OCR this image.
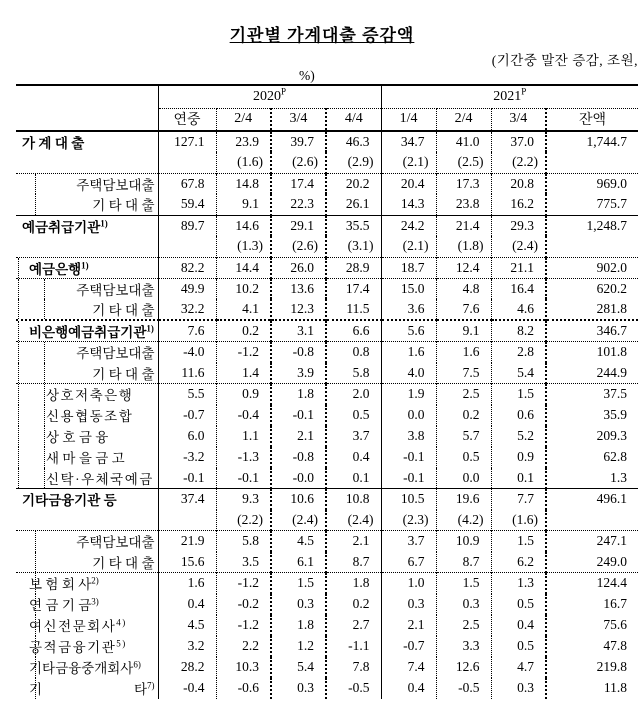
기관별 가계대출 증감액
(기간중 말잔 증감, 조원,
%)
	$2020^P$				$2021^P$
	연중	2/4	3/4	4/4	1/4	2/4	3/4	잔액

가 계 대 출	127.1	23.9	39.7	46.3	34.7	41.0	37.0	1,744.7
		(1.6)	(2.6)	(2.9)	(2.1)	(2.5)	(2.2)	

주택담보대출	67.8	14.8	17.4	20.2	20.4	17.3	20.8	969.0

기 타 대 출	59.4	9.1	22.3	26.1	14.3	23.8	16.2	775.7

예금취급기관$^{1)}$	89.7	14.6	29.1	35.5	24.2	21.4	29.3	1,248.7
		(1.3)	(2.6)	(3.1)	(2.1)	(1.8)	(2.4)	

예금은행$^{1)}$	82.2	14.4	26.0	28.9	18.7	12.4	21.1	902.0

주택담보대출	49.9	10.2	13.6	17.4	15.0	4.8	16.4	620.2

기 타 대 출	32.2	4.1	12.3	11.5	3.6	7.6	4.6	281.8

비은행예금취급기관$^{1)}$	7.6	0.2	3.1	6.6	5.6	9.1	8.2	346.7

주택담보대출	-4.0	-1.2	-0.8	0.8	1.6	1.6	2.8	101.8

기 타 대 출	11.6	1.4	3.9	5.8	4.0	7.5	5.4	244.9

상호저축은행	5.5	0.9	1.8	2.0	1.9	2.5	1.5	37.5

신용협동조합	-0.7	-0.4	-0.1	0.5	0.0	0.2	0.6	35.9

상 호 금 융	6.0	1.1	2.1	3.7	3.8	5.7	5.2	209.3

새 마 을 금 고	-3.2	-1.3	-0.8	0.4	-0.1	0.5	0.9	62.8

신탁·우체국예금	-0.1	-0.1	-0.0	0.1	-0.1	0.0	0.1	1.3

기타금융기관 등	37.4	9.3	10.6	10.8	10.5	19.6	7.7	496.1
		(2.2)	(2.4)	(2.4)	(2.3)	(4.2)	(1.6)	

주택담보대출	21.9	5.8	4.5	2.1	3.7	10.9	1.5	247.1

기 타 대 출	15.6	3.5	6.1	8.7	6.7	8.7	6.2	249.0

보 험 회 사$^{2)}$	1.6	-1.2	1.5	1.8	1.0	1.5	1.3	124.4

연 금 기 금$^{3)}$	0.4	-0.2	0.3	0.2	0.3	0.3	0.5	16.7

여신전문회사$^{4)}$	4.5	-1.2	1.8	2.7	2.1	2.5	0.4	75.6

공적금융기관$^{5)}$	3.2	2.2	1.2	-1.1	-0.7	3.3	0.5	47.8

기타금융중개회사$^{6)}$	28.2	10.3	5.4	7.8	7.4	12.6	4.7	219.8

기 타$^{7)}$	-0.4	-0.6	0.3	-0.5	0.4	-0.5	0.3	11.8
